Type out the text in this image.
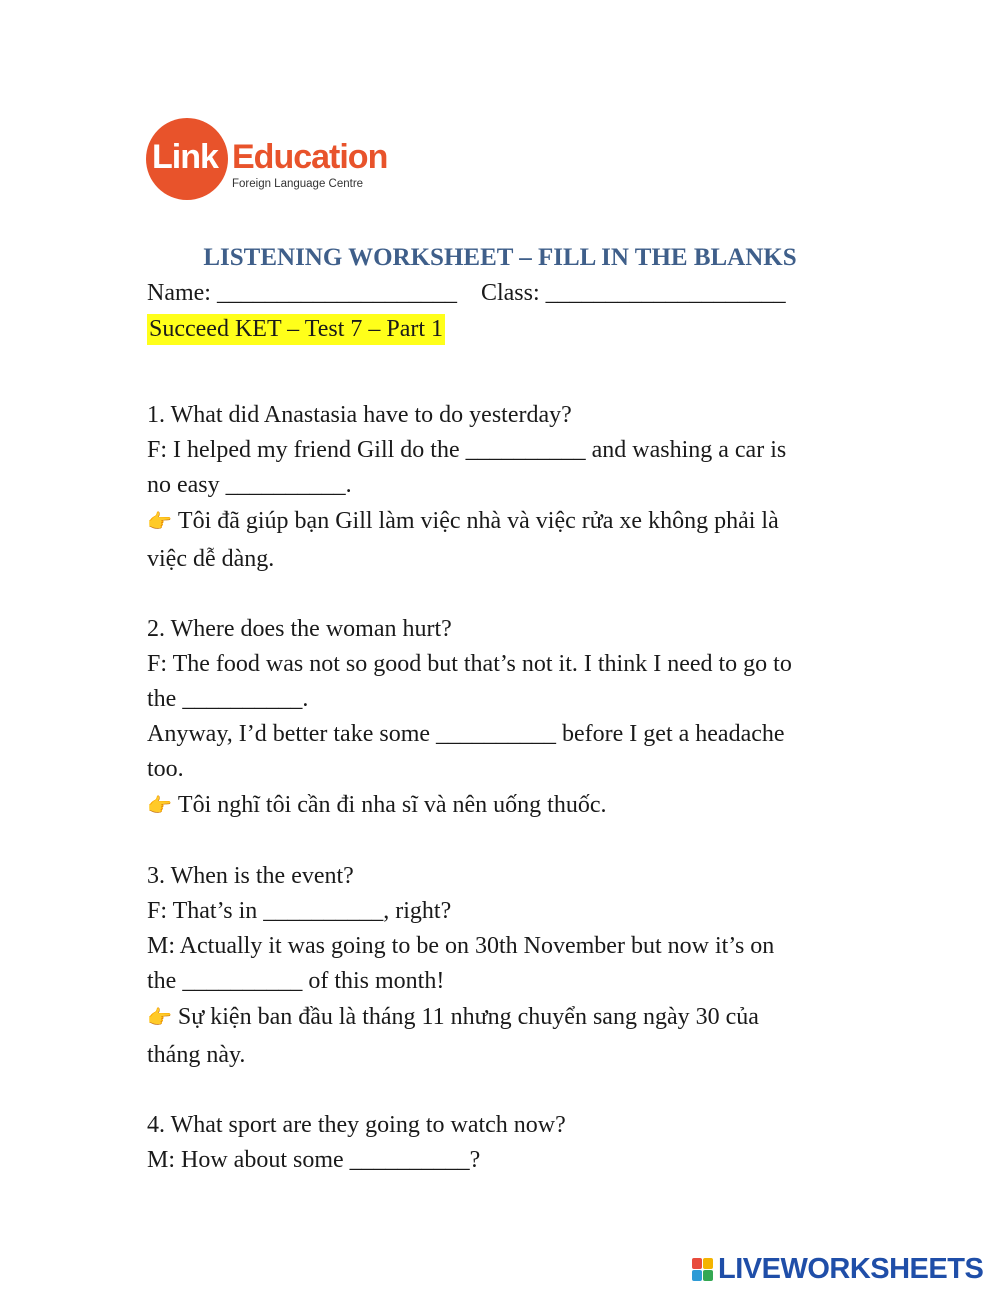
Link Education
Foreign Language Centre
LISTENING WORKSHEET – FILL IN THE BLANKS
Name: ____________________    Class: ____________________
Succeed KET – Test 7 – Part 1
1. What did Anastasia have to do yesterday?
F: I helped my friend Gill do the __________ and washing a car is
no easy __________.
👉 Tôi đã giúp bạn Gill làm việc nhà và việc rửa xe không phải là
việc dễ dàng.
2. Where does the woman hurt?
F: The food was not so good but that’s not it. I think I need to go to
the __________.
Anyway, I’d better take some __________ before I get a headache
too.
👉 Tôi nghĩ tôi cần đi nha sĩ và nên uống thuốc.
3. When is the event?
F: That’s in __________, right?
M: Actually it was going to be on 30th November but now it’s on
the __________ of this month!
👉 Sự kiện ban đầu là tháng 11 nhưng chuyển sang ngày 30 của
tháng này.
4. What sport are they going to watch now?
M: How about some __________?
LIVEWORKSHEETS
